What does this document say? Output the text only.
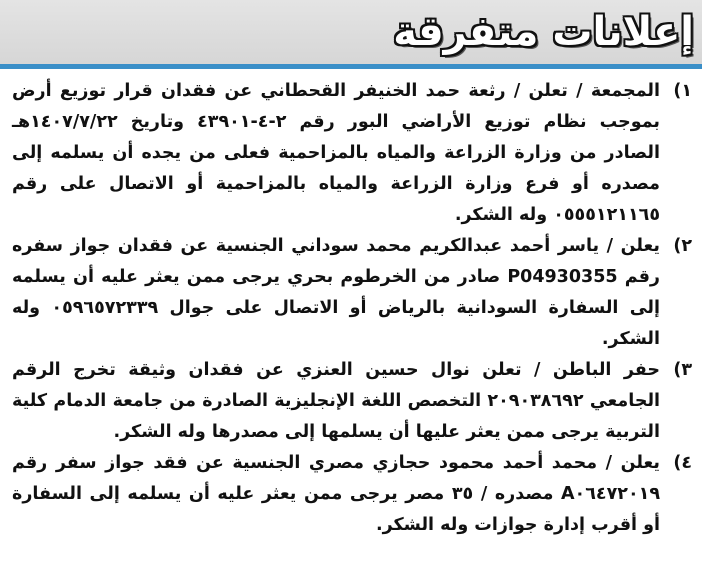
إعلانات متفرقة
١)
المجمعة / تعلن / رثعة حمد الخنيفر القحطاني عن فقدان قرار توزيع أرض بموجب نظام توزيع الأراضي البور رقم ٢-٤-٤٣٩٠١ وتاريخ ١٤٠٧/٧/٢٢هـ الصادر من وزارة الزراعة والمياه بالمزاحمية فعلى من يجده أن يسلمه إلى مصدره أو فرع وزارة الزراعة والمياه بالمزاحمية أو الاتصال على رقم ٠٥٥٥١٢١١٦٥ وله الشكر.
٢)
يعلن / ياسر أحمد عبدالكريم محمد سوداني الجنسية عن فقدان جواز سفره رقم P04930355 صادر من الخرطوم بحري يرجى ممن يعثر عليه أن يسلمه إلى السفارة السودانية بالرياض أو الاتصال على جوال ٠٥٩٦٥٧٢٣٣٩ وله الشكر.
٣)
حفر الباطن / تعلن نوال حسين العنزي عن فقدان وثيقة تخرج الرقم الجامعي ٢٠٩٠٣٨٦٩٢ التخصص اللغة الإنجليزية الصادرة من جامعة الدمام كلية التربية يرجى ممن يعثر عليها أن يسلمها إلى مصدرها وله الشكر.
٤)
يعلن / محمد أحمد محمود حجازي مصري الجنسية عن فقد جواز سفر رقم A٠٦٤٧٢٠١٩ مصدره / ٣٥ مصر يرجى ممن يعثر عليه أن يسلمه إلى السفارة أو أقرب إدارة جوازات وله الشكر.
